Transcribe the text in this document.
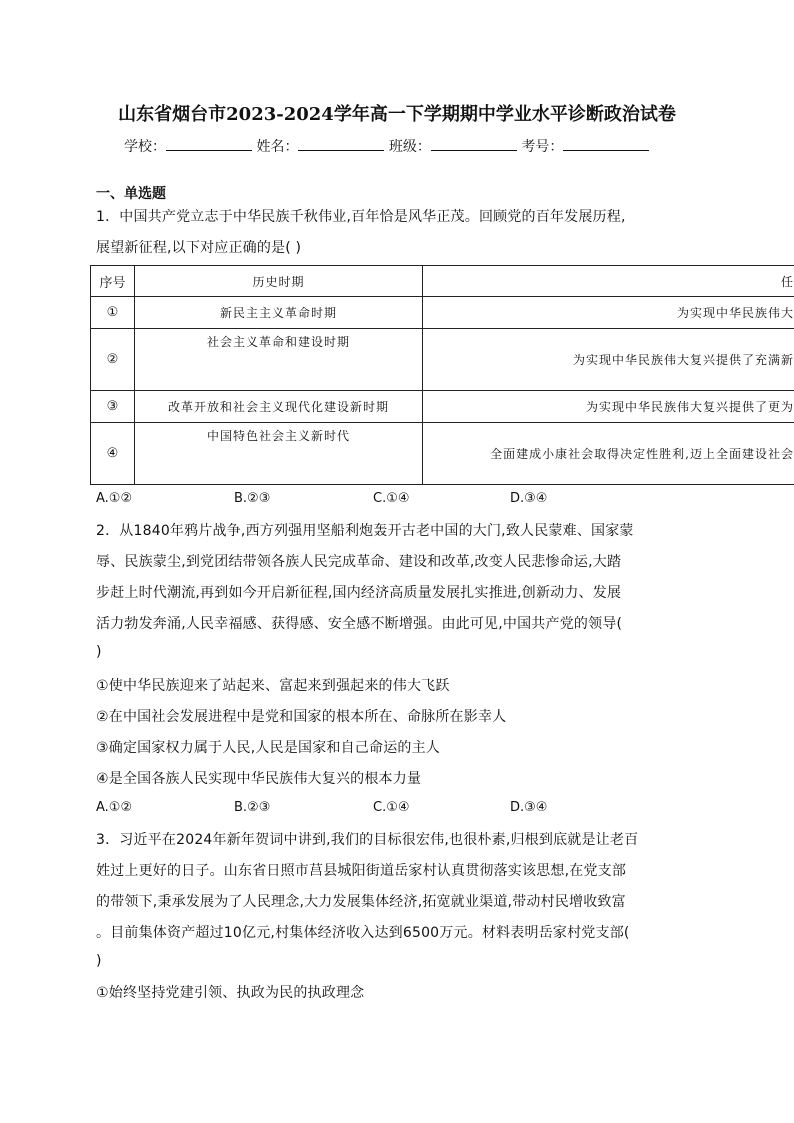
山东省烟台市2023-2024学年高一下学期期中学业水平诊断政治试卷
学校：	姓名：	班级：	考号：
一、单选题
1．中国共产党立志于中华民族千秋伟业,百年恰是风华正茂。回顾党的百年发展历程,
展望新征程,以下对应正确的是( )
序号	历史时期	任
①	新民主主义革命时期	为实现中华民族伟大
②	社会主义革命和建设时期	为实现中华民族伟大复兴提供了充满新
③	改革开放和社会主义现代化建设新时期	为实现中华民族伟大复兴提供了更为
④	中国特色社会主义新时代	全面建成小康社会取得决定性胜利,迈上全面建设社会
A.①②	B.②③	C.①④	D.③④
2．从1840年鸦片战争,西方列强用坚船利炮轰开古老中国的大门,致人民蒙难、国家蒙
辱、民族蒙尘,到党团结带领各族人民完成革命、建设和改革,改变人民悲惨命运,大踏
步赶上时代潮流,再到如今开启新征程,国内经济高质量发展扎实推进,创新动力、发展
活力勃发奔涌,人民幸福感、获得感、安全感不断增强。由此可见,中国共产党的领导(
)
①使中华民族迎来了站起来、富起来到强起来的伟大飞跃
②在中国社会发展进程中是党和国家的根本所在、命脉所在影幸人
③确定国家权力属于人民,人民是国家和自己命运的主人
④是全国各族人民实现中华民族伟大复兴的根本力量
A.①②	B.②③	C.①④	D.③④
3．习近平在2024年新年贺词中讲到,我们的目标很宏伟,也很朴素,归根到底就是让老百
姓过上更好的日子。山东省日照市莒县城阳街道岳家村认真贯彻落实该思想,在党支部
的带领下,秉承发展为了人民理念,大力发展集体经济,拓宽就业渠道,带动村民增收致富
。目前集体资产超过10亿元,村集体经济收入达到6500万元。材料表明岳家村党支部(
)
①始终坚持党建引领、执政为民的执政理念
